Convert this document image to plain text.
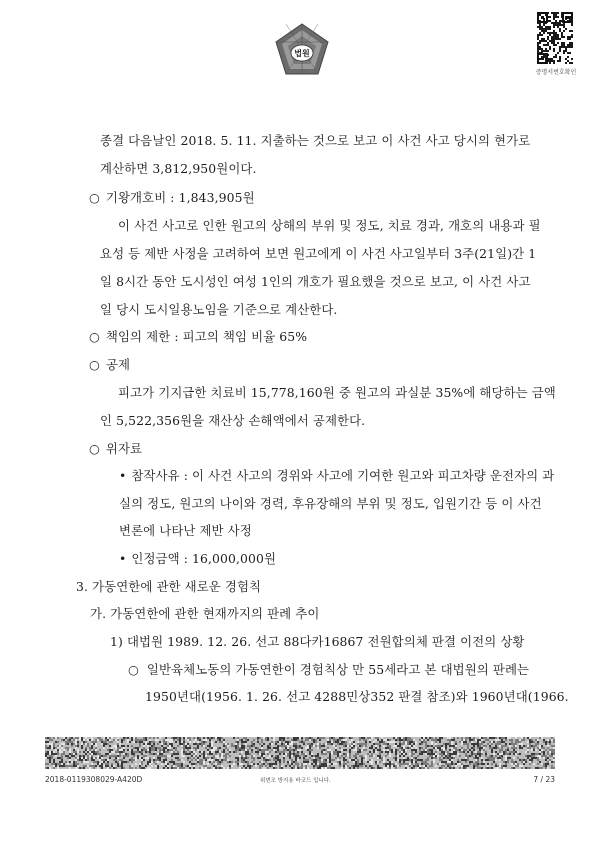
법원
증명서번호확인
종결 다음날인 2018. 5. 11. 지출하는 것으로 보고 이 사건 사고 당시의 현가로
계산하면 3,812,950원이다.
○ 기왕개호비 : 1,843,905원
이 사건 사고로 인한 원고의 상해의 부위 및 정도, 치료 경과, 개호의 내용과 필
요성 등 제반 사정을 고려하여 보면 원고에게 이 사건 사고일부터 3주(21일)간 1
일 8시간 동안 도시성인 여성 1인의 개호가 필요했을 것으로 보고, 이 사건 사고
일 당시 도시일용노임을 기준으로 계산한다.
○ 책임의 제한 : 피고의 책임 비율 65%
○ 공제
피고가 기지급한 치료비 15,778,160원 중 원고의 과실분 35%에 해당하는 금액
인 5,522,356원을 재산상 손해액에서 공제한다.
○ 위자료
• 참작사유 : 이 사건 사고의 경위와 사고에 기여한 원고와 피고차량 운전자의 과
실의 정도, 원고의 나이와 경력, 후유장해의 부위 및 정도, 입원기간 등 이 사건
변론에 나타난 제반 사정
• 인정금액 : 16,000,000원
3. 가동연한에 관한 새로운 경험칙
가. 가동연한에 관한 현재까지의 판례 추이
1) 대법원 1989. 12. 26. 선고 88다카16867 전원합의체 판결 이전의 상황
○ 일반육체노동의 가동연한이 경험칙상 만 55세라고 본 대법원의 판례는
1950년대(1956. 1. 26. 선고 4288민상352 판결 참조)와 1960년대(1966.
2018-0119308029-A420D	위변조 방지용 바코드 입니다.	7 / 23
